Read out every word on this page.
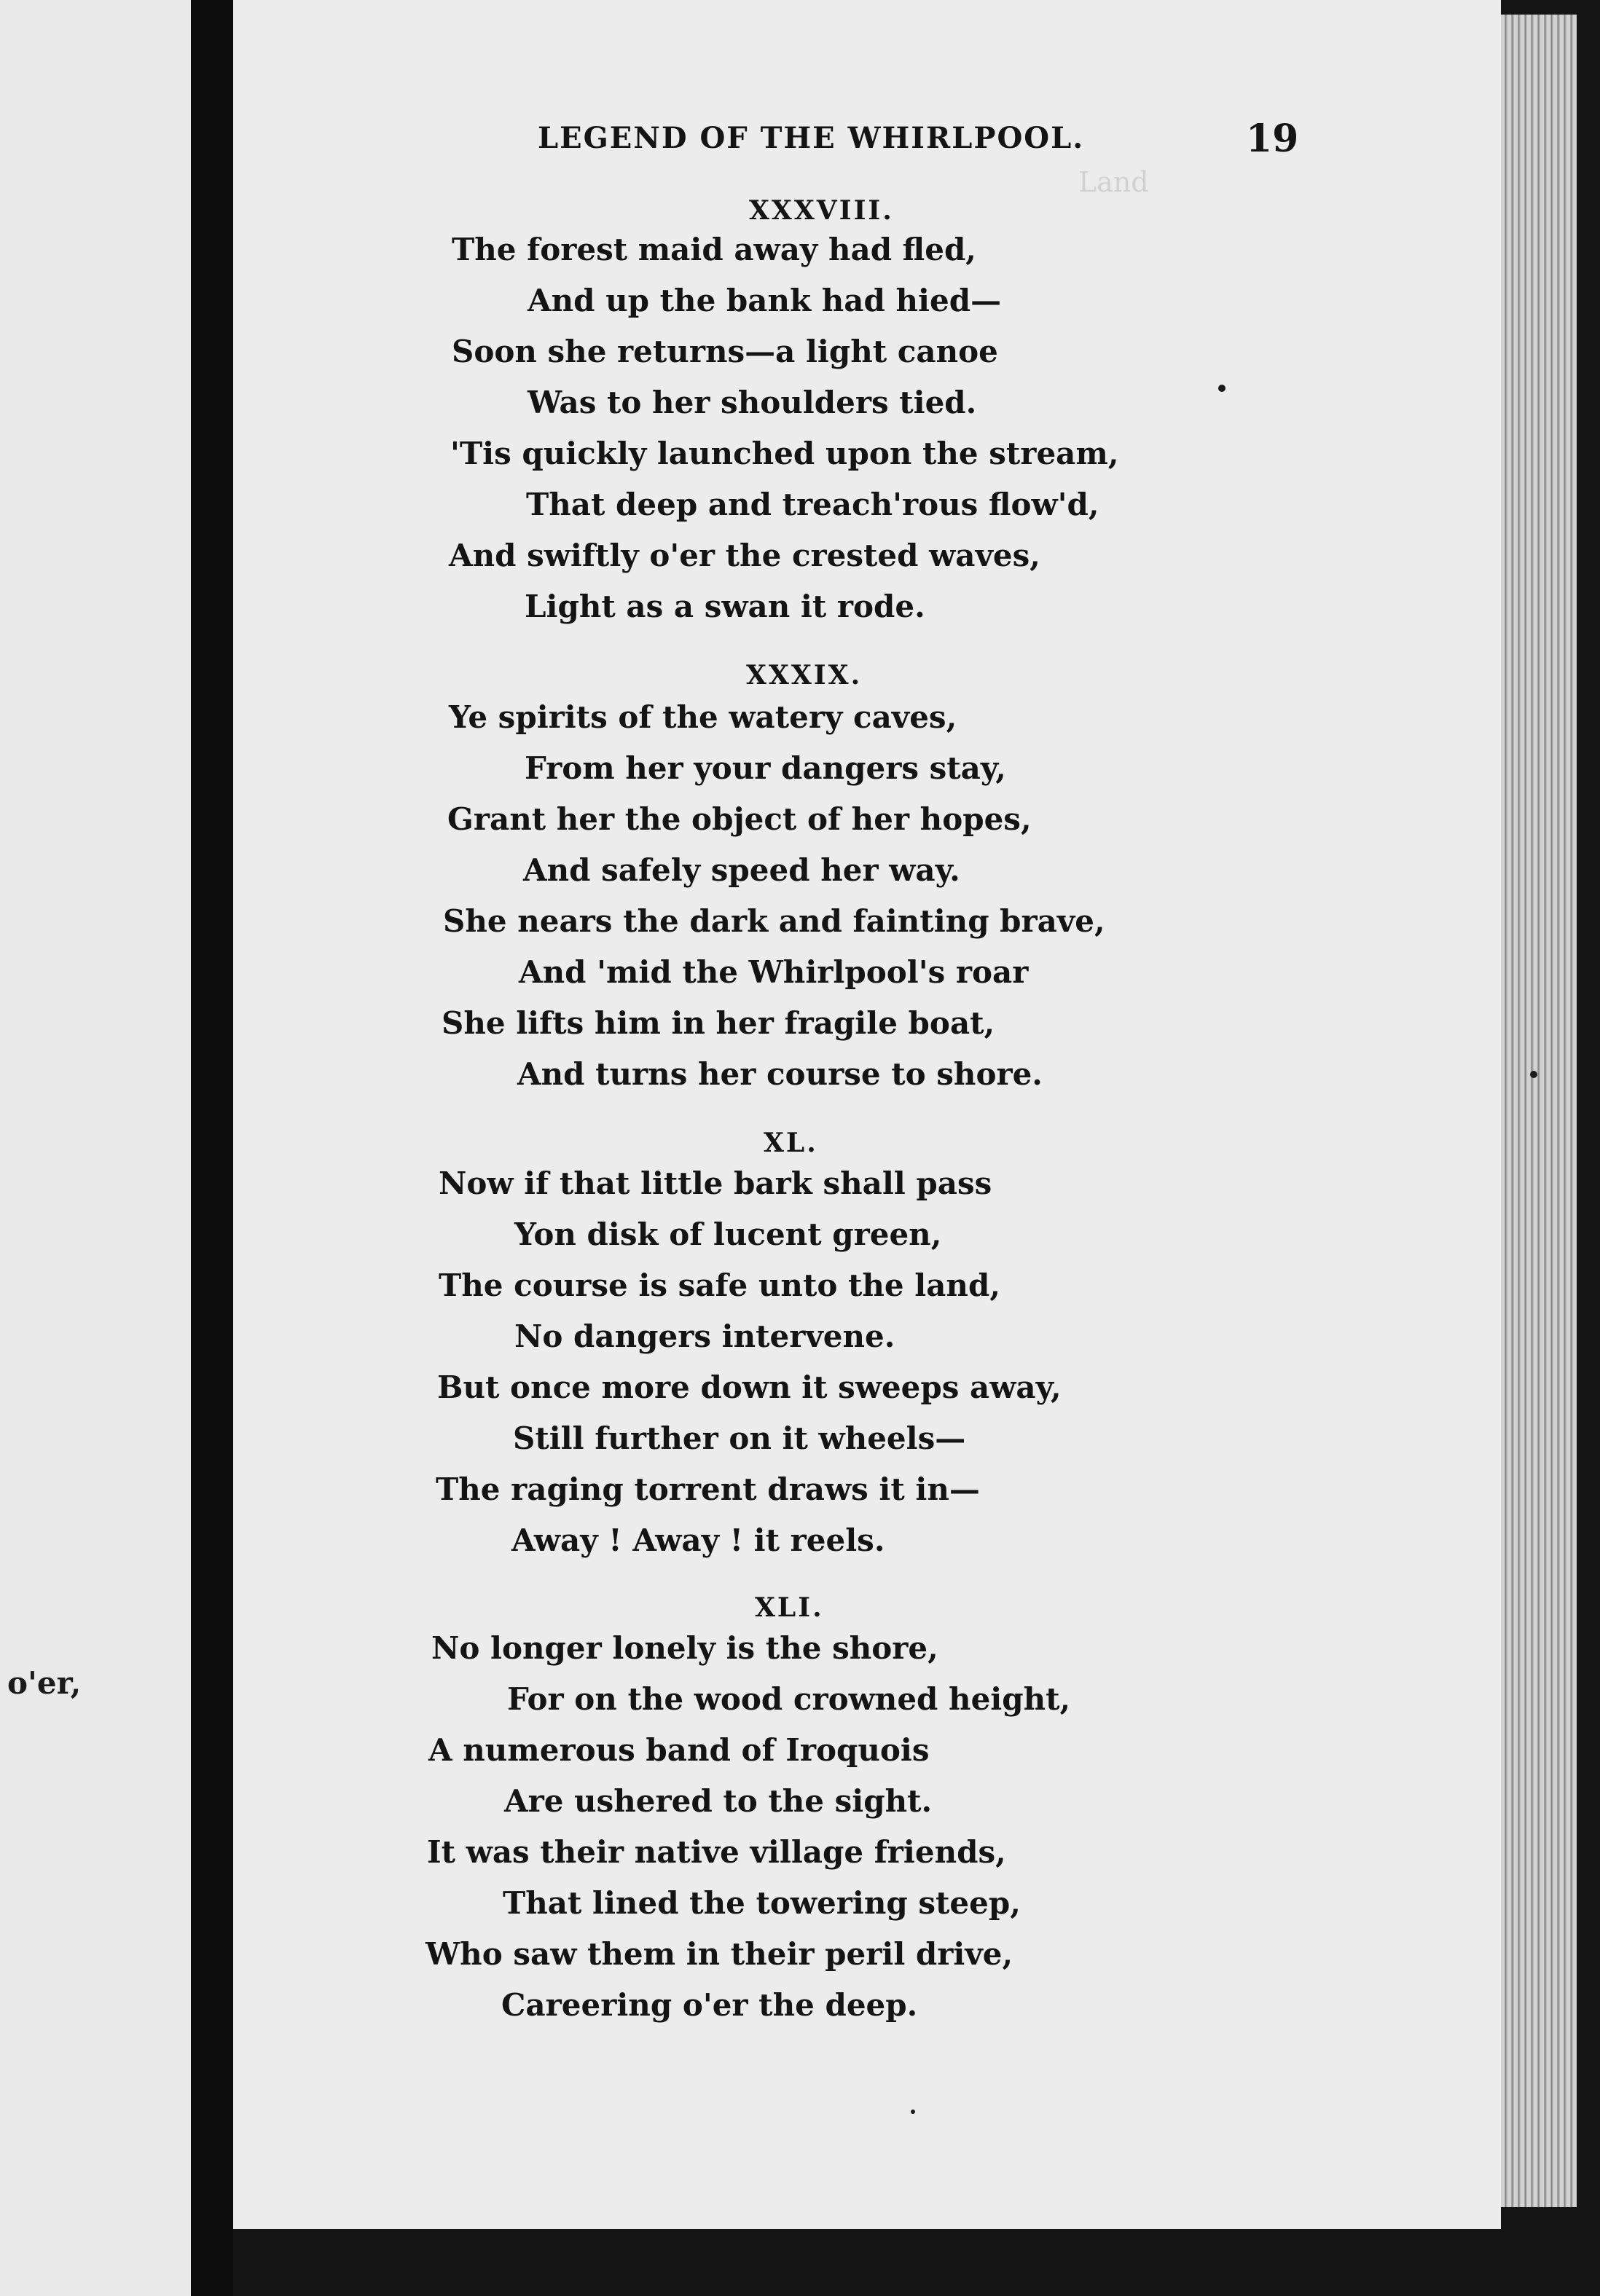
o'er,
Land ⁠ ⁠ ⁠ ⁠
⁠ ⁠
LEGEND OF THE WHIRLPOOL.	19
XXXVIII.
The forest maid away had fled,
And up the bank had hied—
Soon she returns—a light canoe
Was to her shoulders tied.
'Tis quickly launched upon the stream,
That deep and treach'rous flow'd,
And swiftly o'er the crested waves,
Light as a swan it rode.
XXXIX.
Ye spirits of the watery caves,
From her your dangers stay,
Grant her the object of her hopes,
And safely speed her way.
She nears the dark and fainting brave,
And 'mid the Whirlpool's roar
She lifts him in her fragile boat,
And turns her course to shore.
XL.
Now if that little bark shall pass
Yon disk of lucent green,
The course is safe unto the land,
No dangers intervene.
But once more down it sweeps away,
Still further on it wheels—
The raging torrent draws it in—
Away ! Away ! it reels.
XLI.
No longer lonely is the shore,
For on the wood crowned height,
A numerous band of Iroquois
Are ushered to the sight.
It was their native village friends,
That lined the towering steep,
Who saw them in their peril drive,
Careering o'er the deep.
